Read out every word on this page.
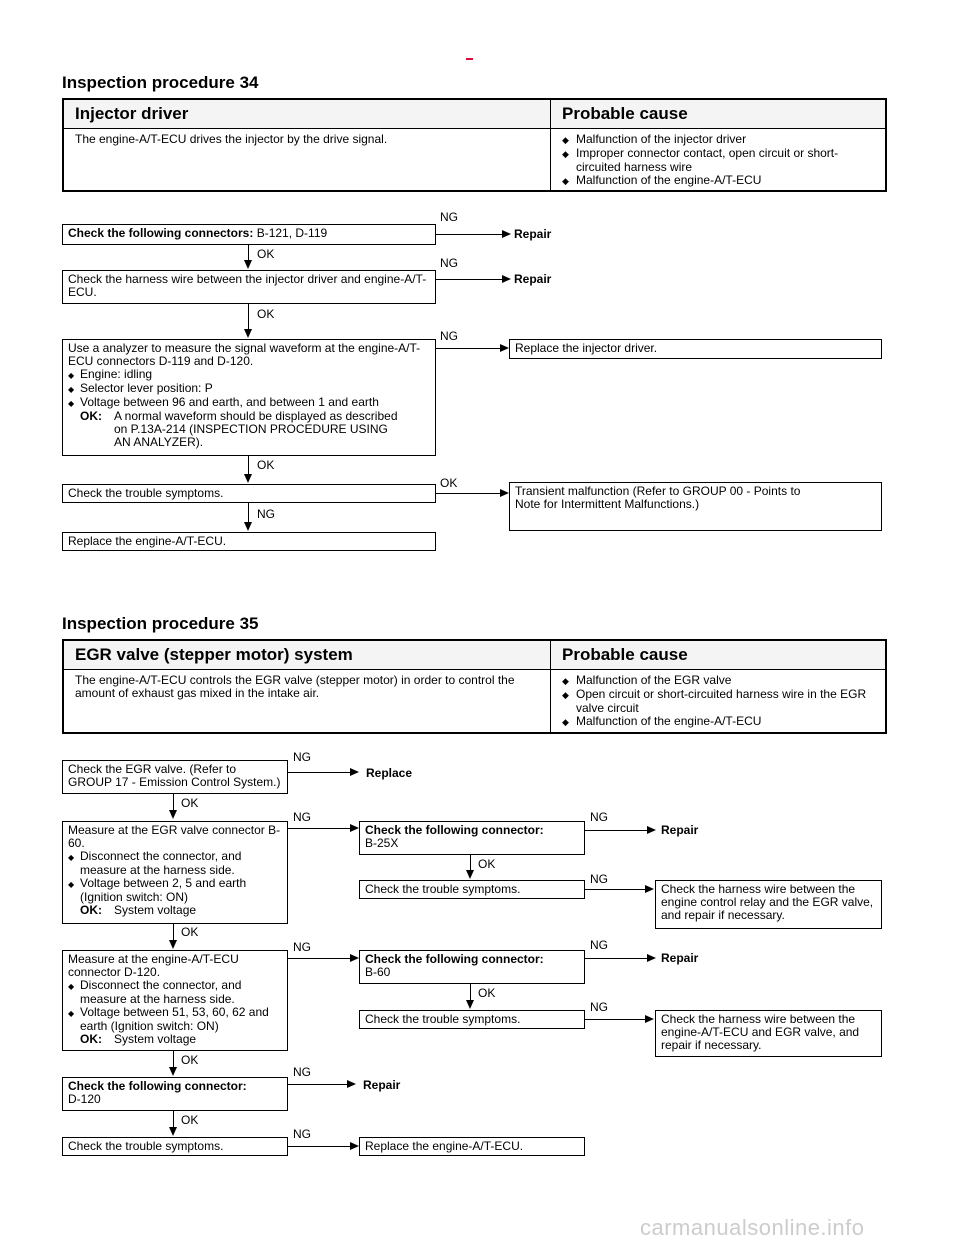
Inspection procedure 34
Injector driver	Probable cause
The engine-A/T-ECU drives the injector by the drive signal.
◆	Malfunction of the injector driver
◆ Improper connector contact, open circuit or short-circuited harness wire
◆ Malfunction of the engine-A/T-ECU
Check the following connectors: B-121, D-119
Check the harness wire between the injector driver and engine-A/T-ECU.
Use a analyzer to measure the signal waveform at the engine-A/T-ECU connectors D-119 and D-120.
◆ Engine: idling
◆ Selector lever position: P
◆ Voltage between 96 and earth, and between 1 and earth
OK: A normal waveform should be displayed as described
on P.13A-214 (INSPECTION PROCEDURE USING AN ANALYZER).
Check the trouble symptoms.
Replace the engine-A/T-ECU.
Repair
Repair
Replace the injector driver.
Transient malfunction (Refer to GROUP 00 - Points to Note for Intermittent Malfunctions.)
NG
NG
NG
OK
OK
OK
OK
NG
Inspection procedure 35
EGR valve (stepper motor) system	Probable cause
The engine-A/T-ECU controls the EGR valve (stepper motor) in order to control the amount of exhaust gas mixed in the intake air.
◆ Malfunction of the EGR valve
◆ Open circuit or short-circuited harness wire in the EGR valve circuit
◆ Malfunction of the engine-A/T-ECU
Check the EGR valve. (Refer to GROUP 17 - Emission Control System.)
Measure at the EGR valve connector B-60.
◆ Disconnect the connector, and measure at the harness side.
◆ Voltage between 2, 5 and earth (Ignition switch: ON)
OK: System voltage
Measure at the engine-A/T-ECU connector D-120.
◆ Disconnect the connector, and measure at the harness side.
◆ Voltage between 51, 53, 60, 62 and earth (Ignition switch: ON)
OK: System voltage
Check the following connector:
D-120
Check the trouble symptoms.
Check the following connector:
B-25X
Check the trouble symptoms.
Check the following connector:
B-60
Check the trouble symptoms.
Replace the engine-A/T-ECU.
Replace
Repair
Check the harness wire between the engine control relay and the EGR valve, and repair if necessary.
Repair
Check the harness wire between the engine-A/T-ECU and EGR valve, and repair if necessary.
Repair
NG
NG	NG
NG
NG	NG
NG
NG
NG
OK
OK
OK
OK
OK
OK
carmanualsonline.info
